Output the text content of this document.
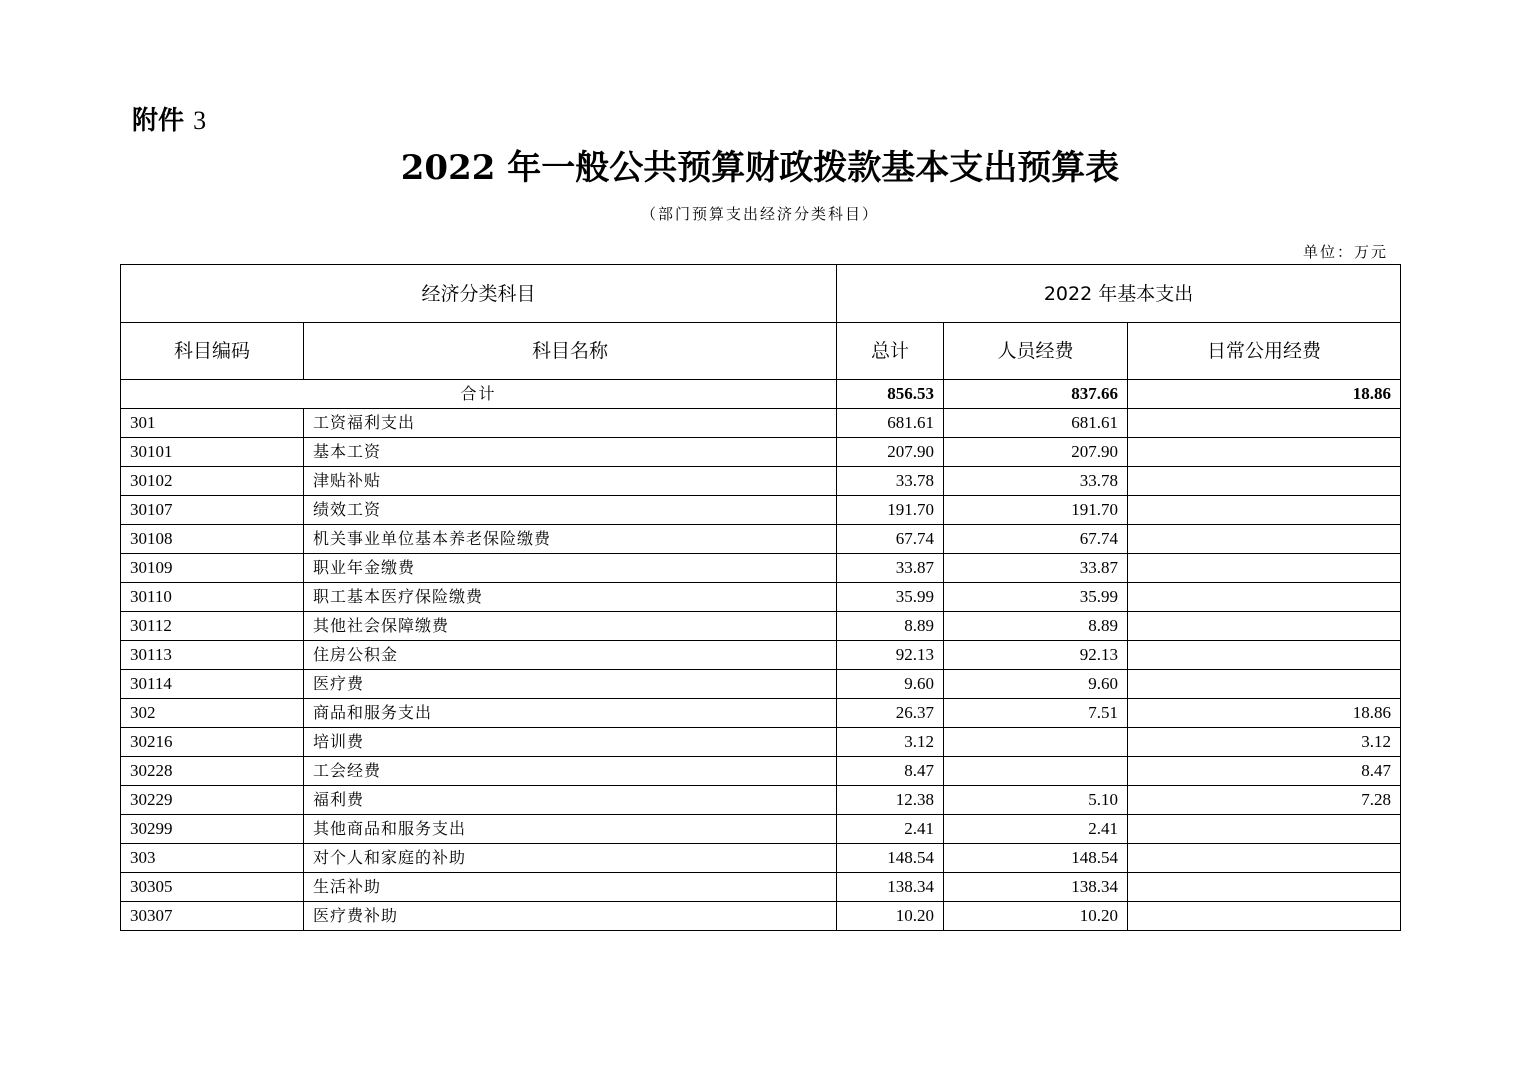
附件 3
2022 年一般公共预算财政拨款基本支出预算表
（部门预算支出经济分类科目）
单位：万元
经济分类科目		2022 年基本支出		
科目编码	科目名称	总计	人员经费	日常公用经费
合计		856.53	837.66	18.86
301	工资福利支出	681.61	681.61	
30101	基本工资	207.90	207.90	
30102	津贴补贴	33.78	33.78	
30107	绩效工资	191.70	191.70	
30108	机关事业单位基本养老保险缴费	67.74	67.74	
30109	职业年金缴费	33.87	33.87	
30110	职工基本医疗保险缴费	35.99	35.99	
30112	其他社会保障缴费	8.89	8.89	
30113	住房公积金	92.13	92.13	
30114	医疗费	9.60	9.60	
302	商品和服务支出	26.37	7.51	18.86
30216	培训费	3.12		3.12
30228	工会经费	8.47		8.47
30229	福利费	12.38	5.10	7.28
30299	其他商品和服务支出	2.41	2.41	
303	对个人和家庭的补助	148.54	148.54	
30305	生活补助	138.34	138.34	
30307	医疗费补助	10.20	10.20	
